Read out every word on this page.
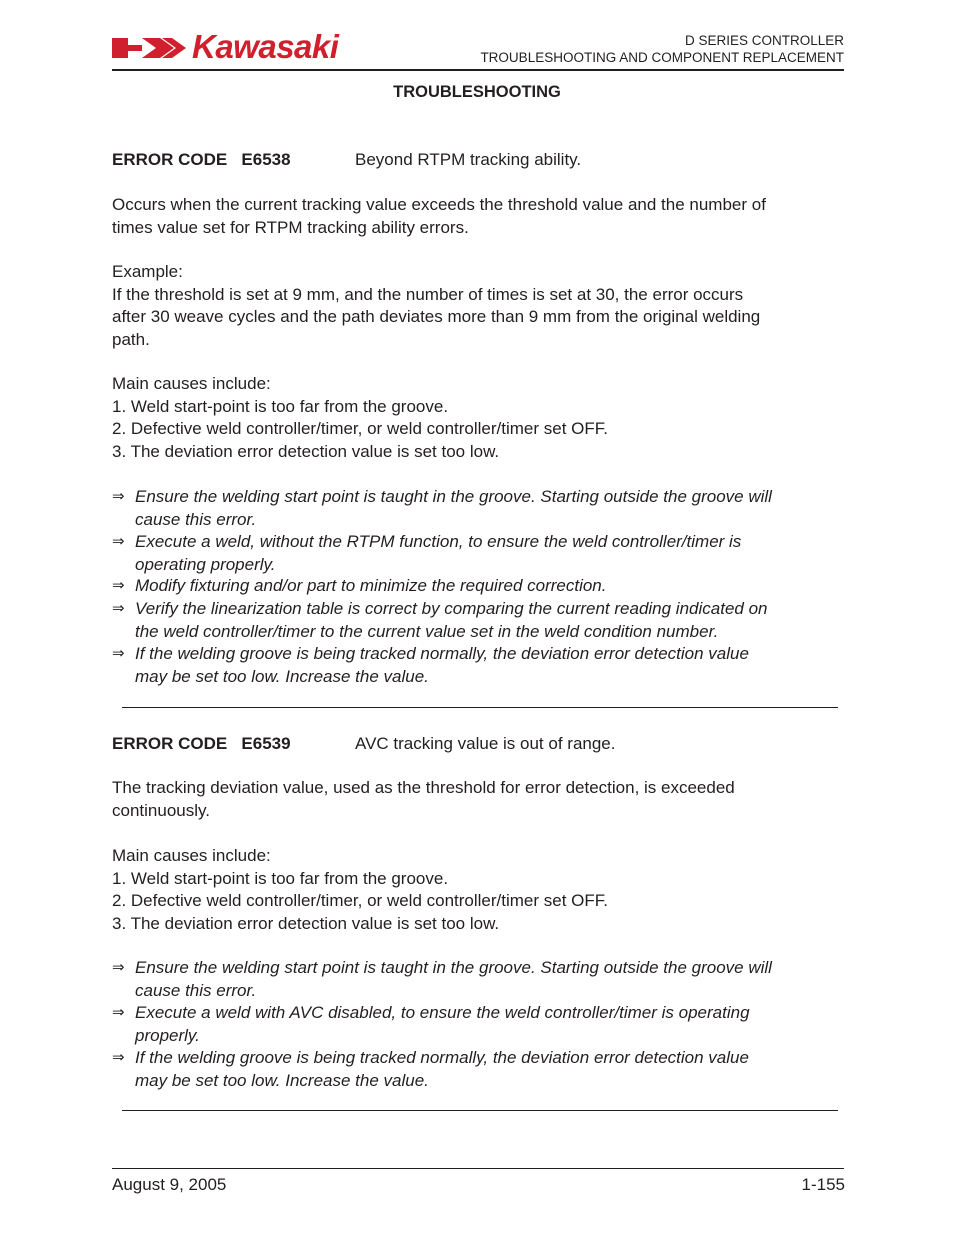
Kawasaki	D SERIES CONTROLLER
TROUBLESHOOTING AND COMPONENT REPLACEMENT
TROUBLESHOOTING
ERROR CODE E6538	Beyond RTPM tracking ability.
Occurs when the current tracking value exceeds the threshold value and the number of
times value set for RTPM tracking ability errors.
Example:
If the threshold is set at 9 mm, and the number of times is set at 30, the error occurs
after 30 weave cycles and the path deviates more than 9 mm from the original welding
path.
Main causes include:
1. Weld start-point is too far from the groove.
2. Defective weld controller/timer, or weld controller/timer set OFF.
3. The deviation error detection value is set too low.
⇒ Ensure the welding start point is taught in the groove. Starting outside the groove will
cause this error.
⇒ Execute a weld, without the RTPM function, to ensure the weld controller/timer is
operating properly.
⇒ Modify fixturing and/or part to minimize the required correction.
⇒ Verify the linearization table is correct by comparing the current reading indicated on
the weld controller/timer to the current value set in the weld condition number.
⇒ If the welding groove is being tracked normally, the deviation error detection value
may be set too low. Increase the value.
ERROR CODE E6539	AVC tracking value is out of range.
The tracking deviation value, used as the threshold for error detection, is exceeded
continuously.
Main causes include:
1. Weld start-point is too far from the groove.
2. Defective weld controller/timer, or weld controller/timer set OFF.
3. The deviation error detection value is set too low.
⇒ Ensure the welding start point is taught in the groove. Starting outside the groove will
cause this error.
⇒ Execute a weld with AVC disabled, to ensure the weld controller/timer is operating
properly.
⇒ If the welding groove is being tracked normally, the deviation error detection value
may be set too low. Increase the value.
August 9, 2005	1-155
